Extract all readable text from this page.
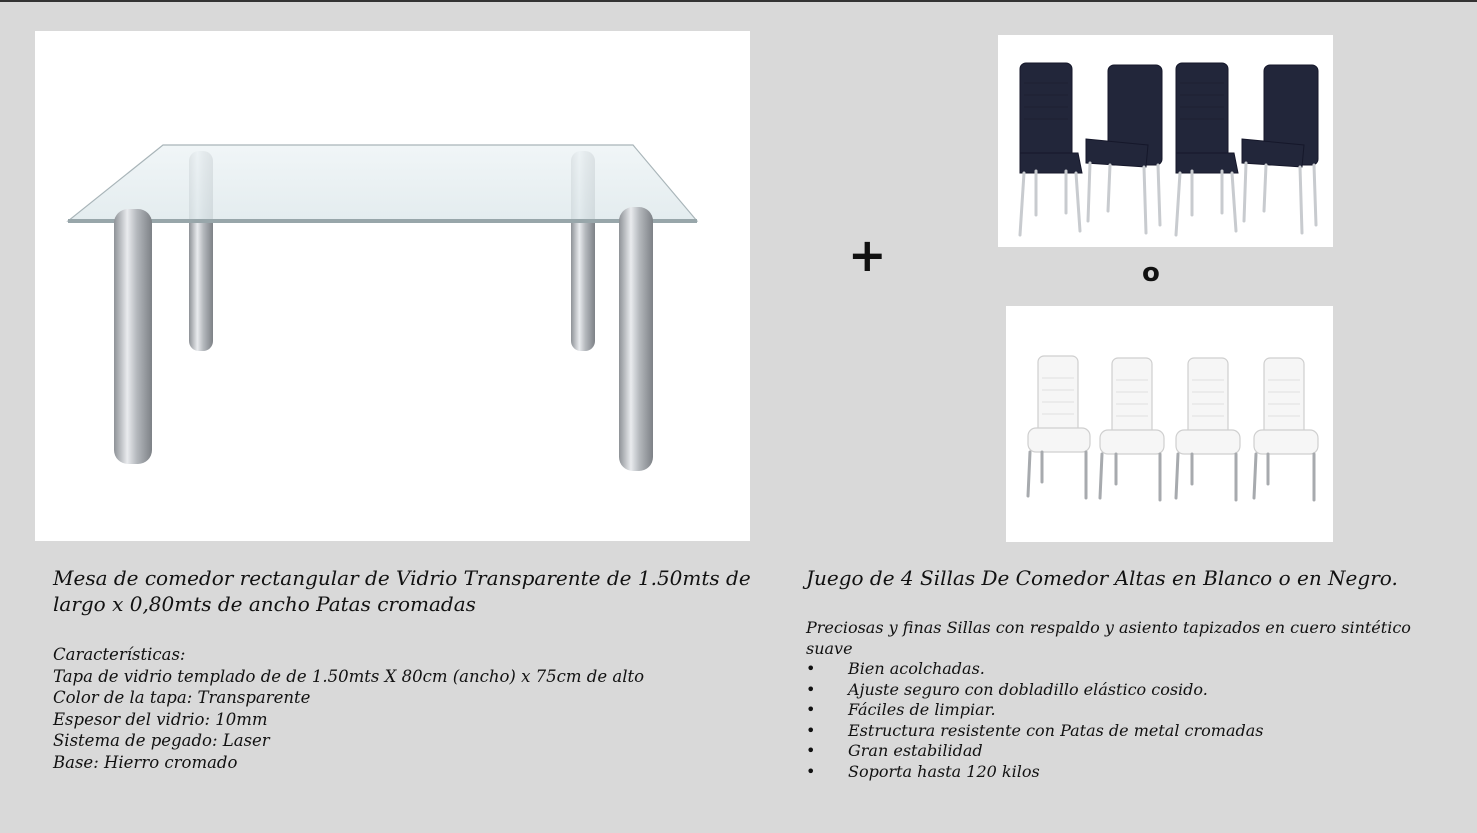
+	o
Mesa de comedor rectangular de Vidrio Transparente de 1.50mts de largo x 0,80mts de ancho Patas cromadas
Características:
Tapa de vidrio templado de de 1.50mts X 80cm (ancho) x 75cm de alto
Color de la tapa: Transparente
Espesor del vidrio: 10mm
Sistema de pegado: Laser
Base: Hierro cromado
Juego de 4 Sillas De Comedor Altas en Blanco o en Negro.
Preciosas y finas Sillas con respaldo y asiento tapizados en cuero sintético suave
• Bien acolchadas.
• Ajuste seguro con dobladillo elástico cosido.
• Fáciles de limpiar.
• Estructura resistente con Patas de metal cromadas
• Gran estabilidad
• Soporta hasta 120 kilos
